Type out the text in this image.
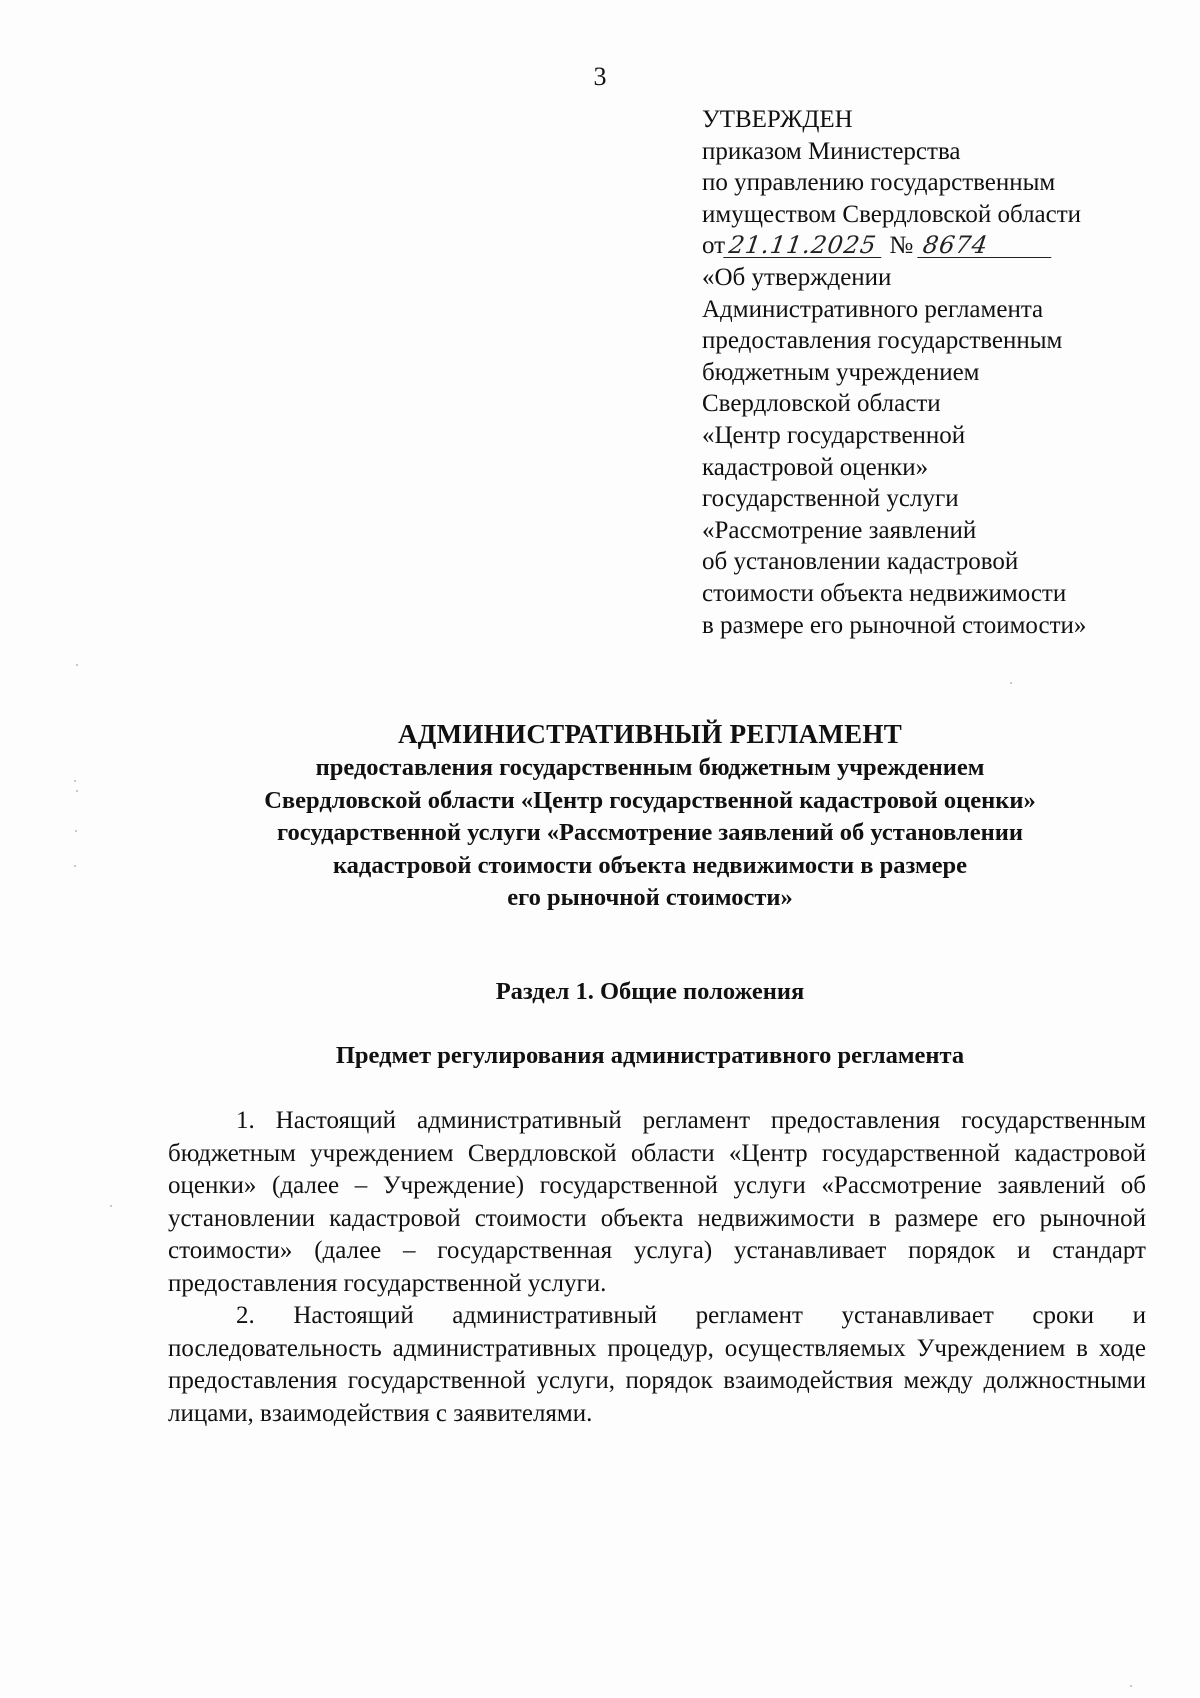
3
УТВЕРЖДЕН
приказом Министерства
по управлению государственным
имуществом Свердловской области
от21.11.2025 № 8674
«Об утверждении
Административного регламента
предоставления государственным
бюджетным учреждением
Свердловской области
«Центр государственной
кадастровой оценки»
государственной услуги
«Рассмотрение заявлений
об установлении кадастровой
стоимости объекта недвижимости
в размере его рыночной стоимости»
АДМИНИСТРАТИВНЫЙ РЕГЛАМЕНТ
предоставления государственным бюджетным учреждением
Свердловской области «Центр государственной кадастровой оценки»
государственной услуги «Рассмотрение заявлений об установлении
кадастровой стоимости объекта недвижимости в размере
его рыночной стоимости»
Раздел 1. Общие положения
Предмет регулирования административного регламента

1. Настоящий административный регламент предоставления государственным бюджетным учреждением Свердловской области «Центр государственной кадастровой оценки» (далее – Учреждение) государственной услуги «Рассмотрение заявлений об установлении кадастровой стоимости объекта недвижимости в размере его рыночной стоимости» (далее – государственная услуга) устанавливает порядок и стандарт предоставления государственной услуги.

2. Настоящий административный регламент устанавливает сроки и последовательность административных процедур, осуществляемых Учреждением в ходе предоставления государственной услуги, порядок взаимодействия между должностными лицами, взаимодействия с заявителями.
